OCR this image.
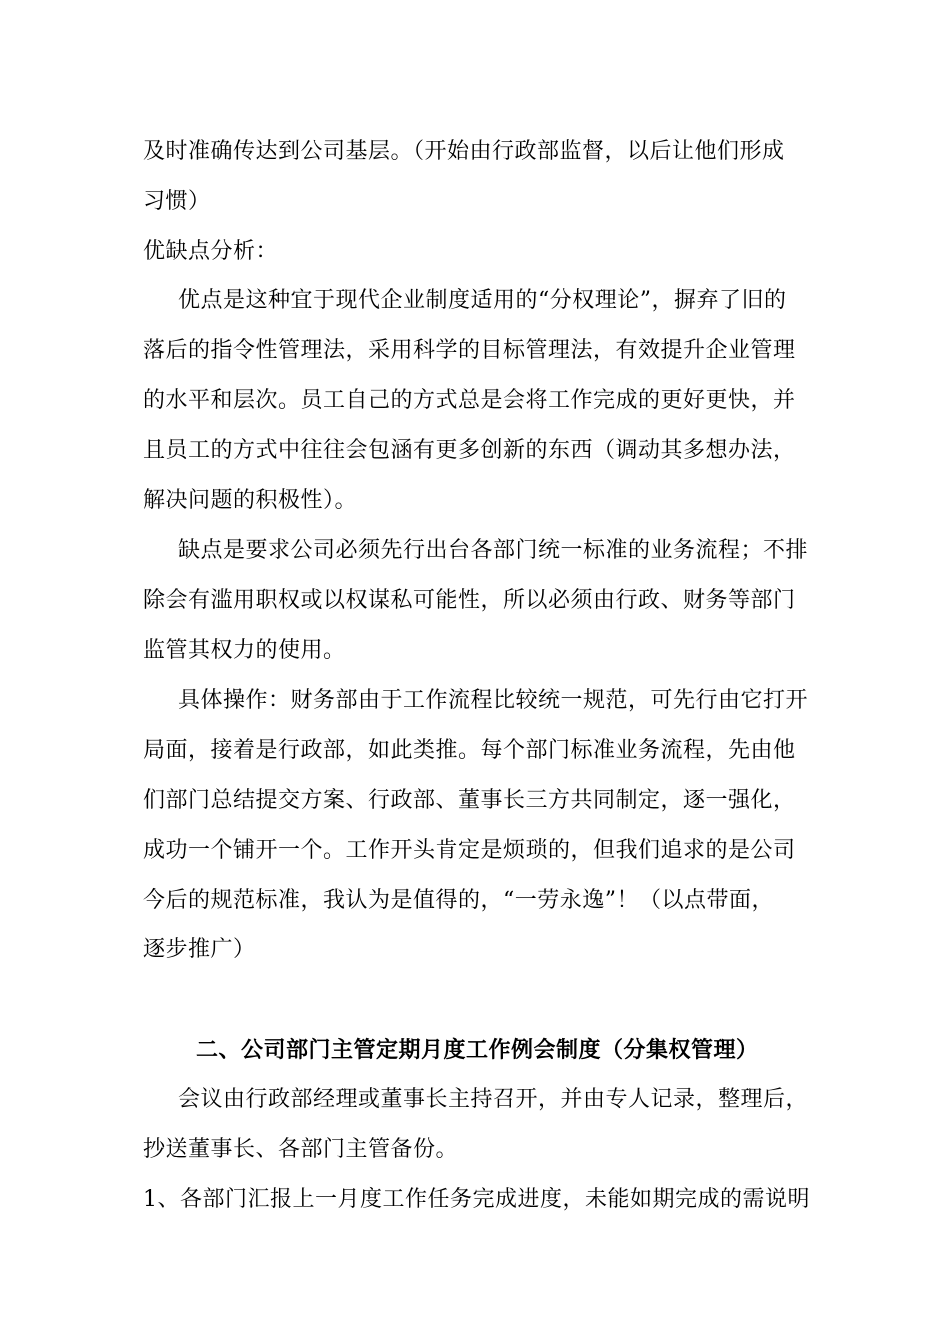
及时准确传达到公司基层。（开始由行政部监督，以后让他们形成
习惯）
优缺点分析：
优点是这种宜于现代企业制度适用的“分权理论”，摒弃了旧的
落后的指令性管理法，采用科学的目标管理法，有效提升企业管理
的水平和层次。员工自己的方式总是会将工作完成的更好更快，并
且员工的方式中往往会包涵有更多创新的东西（调动其多想办法，
解决问题的积极性）。
缺点是要求公司必须先行出台各部门统一标准的业务流程；不排
除会有滥用职权或以权谋私可能性，所以必须由行政、财务等部门
监管其权力的使用。
具体操作：财务部由于工作流程比较统一规范，可先行由它打开
局面，接着是行政部，如此类推。每个部门标准业务流程，先由他
们部门总结提交方案、行政部、董事长三方共同制定，逐一强化，
成功一个铺开一个。工作开头肯定是烦琐的，但我们追求的是公司
今后的规范标准，我认为是值得的，“一劳永逸”！（以点带面，
逐步推广）
二、公司部门主管定期月度工作例会制度（分集权管理）
会议由行政部经理或董事长主持召开，并由专人记录，整理后，
抄送董事长、各部门主管备份。
1、各部门汇报上一月度工作任务完成进度，未能如期完成的需说明
